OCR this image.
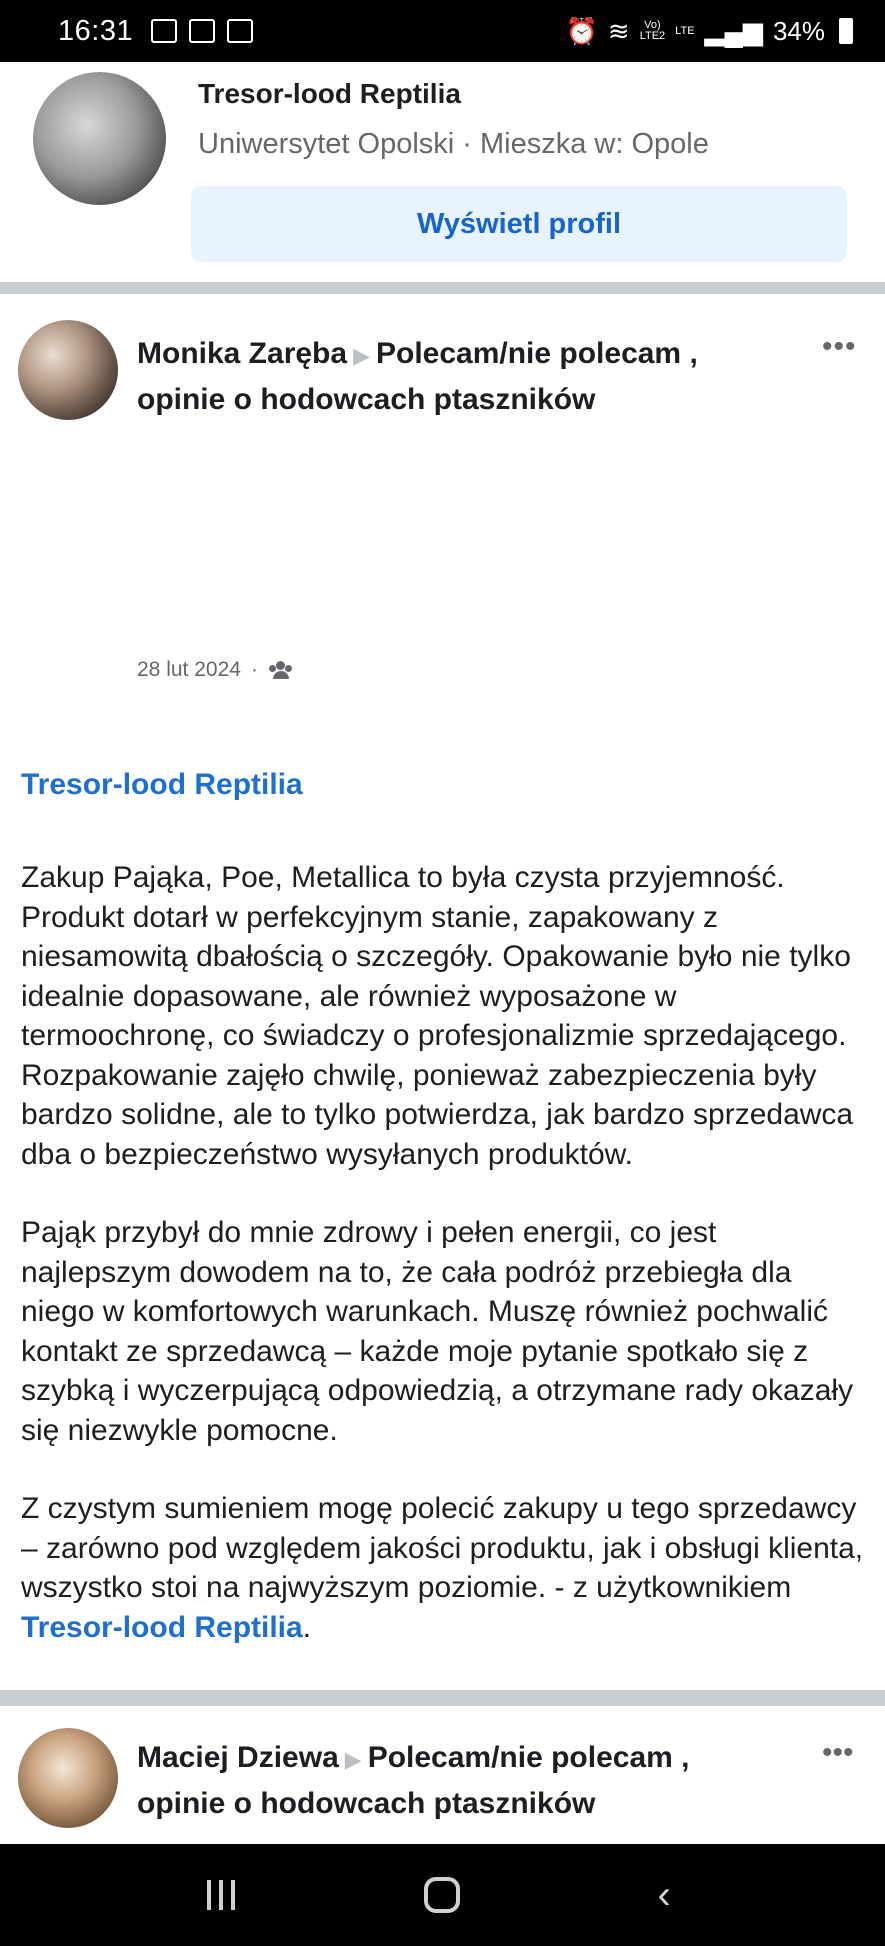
16:31	⏰ ≋	Vo)
LTE2 LTE ▂▄▆ 34%
Tresor-lood Reptilia
Uniwersytet Opolski · Mieszka w: Opole
Wyświetl profil
Monika Zaręba ▶ Polecam/nie polecam , opinie o hodowcach ptaszników
•••
28 lut 2024 ·
Tresor-lood Reptilia

Zakup Pająka, Poe, Metallica to była czysta przyjemność. Produkt dotarł w perfekcyjnym stanie, zapakowany z niesamowitą dbałością o szczegóły. Opakowanie było nie tylko idealnie dopasowane, ale również wyposażone w termoochronę, co świadczy o profesjonalizmie sprzedającego. Rozpakowanie zajęło chwilę, ponieważ zabezpieczenia były bardzo solidne, ale to tylko potwierdza, jak bardzo sprzedawca dba o bezpieczeństwo wysyłanych produktów.

Pająk przybył do mnie zdrowy i pełen energii, co jest najlepszym dowodem na to, że cała podróż przebiegła dla niego w komfortowych warunkach. Muszę również pochwalić kontakt ze sprzedawcą – każde moje pytanie spotkało się z szybką i wyczerpującą odpowiedzią, a otrzymane rady okazały się niezwykle pomocne.

Z czystym sumieniem mogę polecić zakupy u tego sprzedawcy – zarówno pod względem jakości produktu, jak i obsługi klienta, wszystko stoi na najwyższym poziomie. - z użytkownikiem Tresor-lood Reptilia.

Maciej Dziewa ▶ Polecam/nie polecam , opinie o hodowcach ptaszników
•••
‹
